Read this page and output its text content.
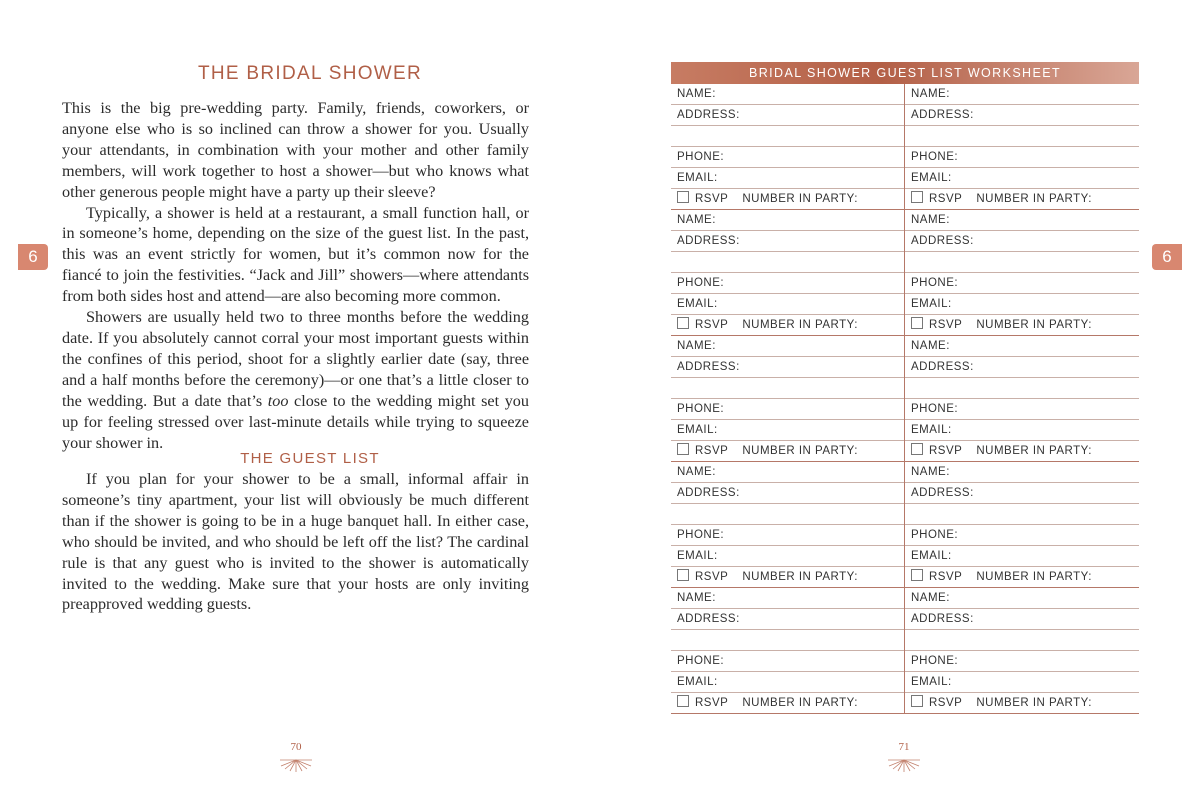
6
THE BRIDAL SHOWER

This is the big pre-wedding party. Family, friends, coworkers, or anyone else who is so inclined can throw a shower for you. Usually your attendants, in combination with your mother and other family members, will work together to host a shower—but who knows what other generous people might have a party up their sleeve?

Typically, a shower is held at a restaurant, a small function hall, or in someone’s home, depending on the size of the guest list. In the past, this was an event strictly for women, but it’s common now for the fiancé to join the festivities. “Jack and Jill” showers—where attendants from both sides host and attend—are also becoming more common.

Showers are usually held two to three months before the wedding date. If you absolutely cannot corral your most important guests within the confines of this period, shoot for a slightly earlier date (say, three and a half months before the ceremony)—or one that’s a little closer to the wedding. But a date that’s too close to the wedding might set you up for feeling stressed over last-minute details while trying to squeeze your shower in.

THE GUEST LIST

If you plan for your shower to be a small, informal affair in someone’s tiny apartment, your list will obviously be much different than if the shower is going to be in a huge banquet hall. In either case, who should be invited, and who should be left off the list? The cardinal rule is that any guest who is invited to the shower is automatically invited to the wedding. Make sure that your hosts are only inviting preapproved wedding guests.

70
6
BRIDAL SHOWER GUEST LIST WORKSHEET
NAME:
ADDRESS:
PHONE:
EMAIL:
RSVP NUMBER IN PARTY:
NAME:
ADDRESS:
PHONE:
EMAIL:
RSVP NUMBER IN PARTY:
NAME:
ADDRESS:
PHONE:
EMAIL:
RSVP NUMBER IN PARTY:
NAME:
ADDRESS:
PHONE:
EMAIL:
RSVP NUMBER IN PARTY:
NAME:
ADDRESS:
PHONE:
EMAIL:
RSVP NUMBER IN PARTY:
NAME:
ADDRESS:
PHONE:
EMAIL:
RSVP NUMBER IN PARTY:
NAME:
ADDRESS:
PHONE:
EMAIL:
RSVP NUMBER IN PARTY:
NAME:
ADDRESS:
PHONE:
EMAIL:
RSVP NUMBER IN PARTY:
NAME:
ADDRESS:
PHONE:
EMAIL:
RSVP NUMBER IN PARTY:
NAME:
ADDRESS:
PHONE:
EMAIL:
RSVP NUMBER IN PARTY:
71
